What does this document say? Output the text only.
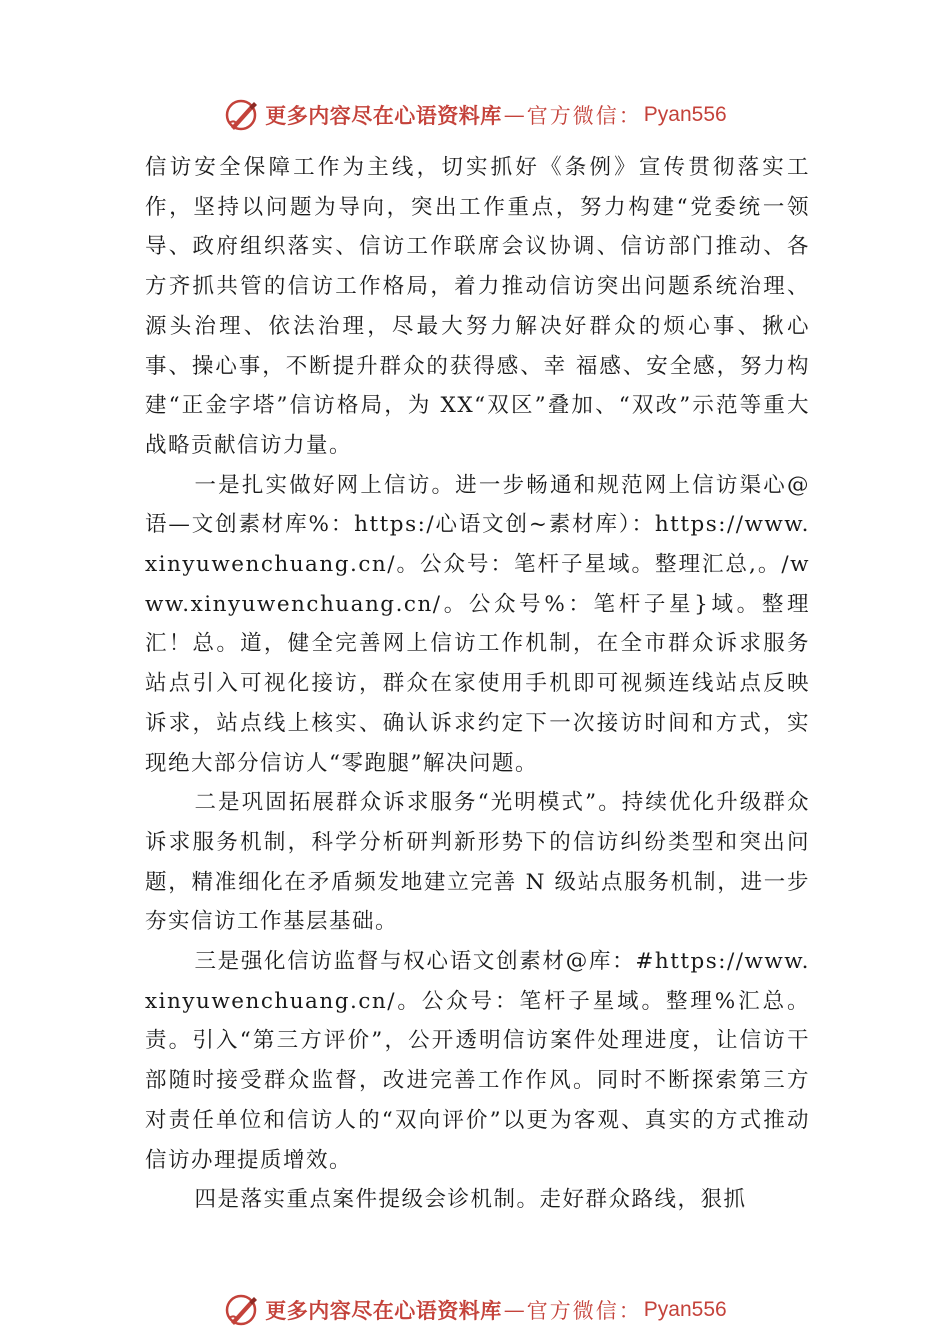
更多内容尽在心语资料库 — 官方微信： Pyan556

信访安全保障工作为主线，切实抓好《条例》宣传贯彻落实工作，坚持以问题为导向，突出工作重点，努力构建“党委统一领导、政府组织落实、信访工作联席会议协调、信访部门推动、各方齐抓共管的信访工作格局，着力推动信访突出问题系统治理、源头治理、依法治理，尽最大努力解决好群众的烦心事、揪心事、操心事，不断提升群众的获得感、幸 福感、安全感，努力构建“正金字塔”信访格局，为 XX“双区”叠加、“双改”示范等重大战略贡献信访力量。

一是扎实做好网上信访。进一步畅通和规范网上信访渠心@语—文创素材库%：https:/心语文创~素材库）：https://www.xinyuwenchuang.cn/。公众号：笔杆子星域。整理汇总,。/www.xinyuwenchuang.cn/。公众号%：笔杆子星}域。整理汇！总。道，健全完善网上信访工作机制，在全市群众诉求服务站点引入可视化接访，群众在家使用手机即可视频连线站点反映诉求，站点线上核实、确认诉求约定下一次接访时间和方式，实现绝大部分信访人“零跑腿”解决问题。

二是巩固拓展群众诉求服务“光明模式”。持续优化升级群众诉求服务机制，科学分析研判新形势下的信访纠纷类型和突出问题，精准细化在矛盾频发地建立完善 N 级站点服务机制，进一步夯实信访工作基层基础。

三是强化信访监督与权心语文创素材@库：#https://www.xinyuwenchuang.cn/。公众号：笔杆子星域。整理%汇总。责。引入“第三方评价”，公开透明信访案件处理进度，让信访干部随时接受群众监督，改进完善工作作风。同时不断探索第三方对责任单位和信访人的“双向评价”以更为客观、真实的方式推动信访办理提质增效。

四是落实重点案件提级会诊机制。走好群众路线，狠抓

更多内容尽在心语资料库 — 官方微信： Pyan556
